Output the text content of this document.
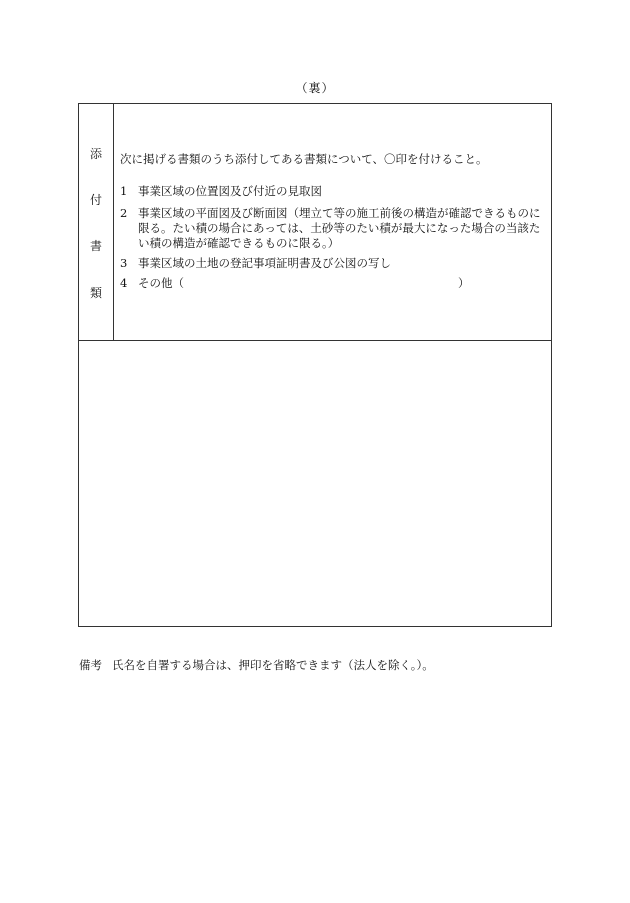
（裏）
添
付
書
類
次に掲げる書類のうち添付してある書類について、〇印を付けること。
1 事業区域の位置図及び付近の見取図
2 事業区域の平面図及び断面図（埋立て等の施工前後の構造が確認できるものに限る。たい積の場合にあっては、土砂等のたい積が最大になった場合の当該たい積の構造が確認できるものに限る。）
3 事業区域の土地の登記事項証明書及び公図の写し
4 その他（	）
備考 氏名を自署する場合は、押印を省略できます（法人を除く。）。
